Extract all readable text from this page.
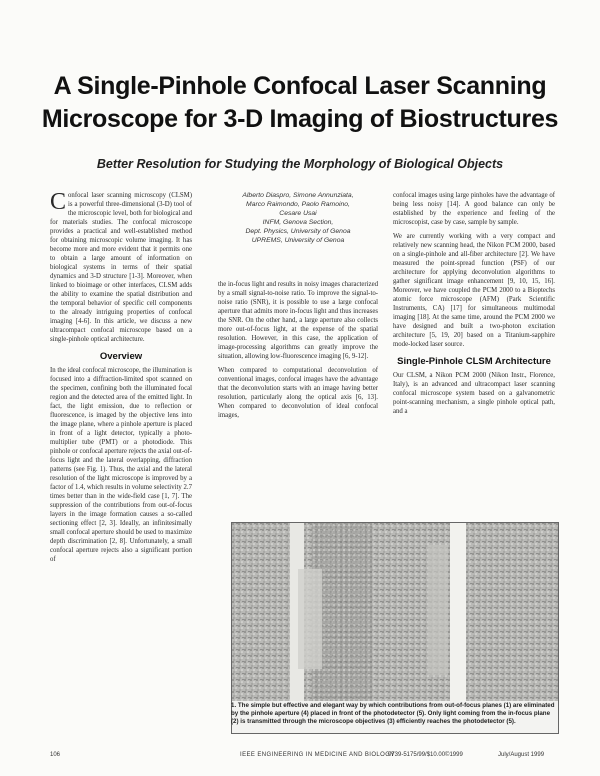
A Single-Pinhole Confocal Laser Scanning
Microscope for 3-D Imaging of Biostructures
Better Resolution for Studying the Morphology of Biological Objects

Confocal laser scanning microscopy (CLSM) is a powerful three-dimensional (3-D) tool of the microscopic level, both for biological and for materials studies. The confocal microscope provides a practical and well-established method for obtaining microscopic volume imaging. It has become more and more evident that it permits one to obtain a large amount of information on biological systems in terms of their spatial dynamics and 3-D structure [1-3]. Moreover, when linked to bioimage or other interfaces, CLSM adds the ability to examine the spatial distribution and the temporal behavior of specific cell components to the already intriguing properties of confocal imaging [4-6]. In this article, we discuss a new ultracompact confocal microscope based on a single-pinhole optical architecture.

Overview

In the ideal confocal microscope, the illumination is focused into a diffraction-limited spot scanned on the specimen, confining both the illuminated focal region and the detected area of the emitted light. In fact, the light emission, due to reflection or fluorescence, is imaged by the objective lens into the image plane, where a pinhole aperture is placed in front of a light detector, typically a photo-multiplier tube (PMT) or a photodiode. This pinhole or confocal aperture rejects the axial out-of-focus light and the lateral overlapping, diffraction patterns (see Fig. 1). Thus, the axial and the lateral resolution of the light microscope is improved by a factor of 1.4, which results in volume selectivity 2.7 times better than in the wide-field case [1, 7]. The suppression of the contributions from out-of-focus layers in the image formation causes a so-called sectioning effect [2, 3]. Ideally, an infinitesimally small confocal aperture should be used to maximize depth discrimination [2, 8]. Unfortunately, a small confocal aperture rejects also a significant portion of

Alberto Diaspro, Simone Annunziata,
Marco Raimondo, Paolo Ramoino,
Cesare Usai
INFM, Genova Section,
Dept. Physics, University of Genoa
UPREMS, University of Genoa

the in-focus light and results in noisy images characterized by a small signal-to-noise ratio. To improve the signal-to-noise ratio (SNR), it is possible to use a large confocal aperture that admits more in-focus light and thus increases the SNR. On the other hand, a large aperture also collects more out-of-focus light, at the expense of the spatial resolution. However, in this case, the application of image-processing algorithms can greatly improve the situation, allowing low-fluorescence imaging [6, 9-12].

When compared to computational deconvolution of conventional images, confocal images have the advantage that the deconvolution starts with an image having better resolution, particularly along the optical axis [6, 13]. When compared to deconvolution of ideal confocal images,

confocal images using large pinholes have the advantage of being less noisy [14]. A good balance can only be established by the experience and feeling of the microscopist, case by case, sample by sample.

We are currently working with a very compact and relatively new scanning head, the Nikon PCM 2000, based on a single-pinhole and all-fiber architecture [2]. We have measured the point-spread function (PSF) of our architecture for applying deconvolution algorithms to gather significant image enhancement [9, 10, 15, 16]. Moreover, we have coupled the PCM 2000 to a Bioptechs atomic force microscope (AFM) (Park Scientific Instruments, CA) [17] for simultaneous multimodal imaging [18]. At the same time, around the PCM 2000 we have designed and built a two-photon excitation architecture [5, 19, 20] based on a Titanium-sapphire mode-locked laser source.

Single-Pinhole CLSM Architecture

Our CLSM, a Nikon PCM 2000 (Nikon Instr., Florence, Italy), is an advanced and ultracompact laser scanning confocal microscope system based on a galvanometric point-scanning mechanism, a single pinhole optical path, and a

1. The simple but effective and elegant way by which contributions from out-of-focus planes (1) are eliminated by the pinhole aperture (4) placed in front of the photodetector (5). Only light coming from the in-focus plane (2) is transmitted through the microscope objectives (3) efficiently reaches the photodetector (5).
106	IEEE ENGINEERING IN MEDICINE AND BIOLOGY
0739-5175/99/$10.00©1999	July/August 1999
